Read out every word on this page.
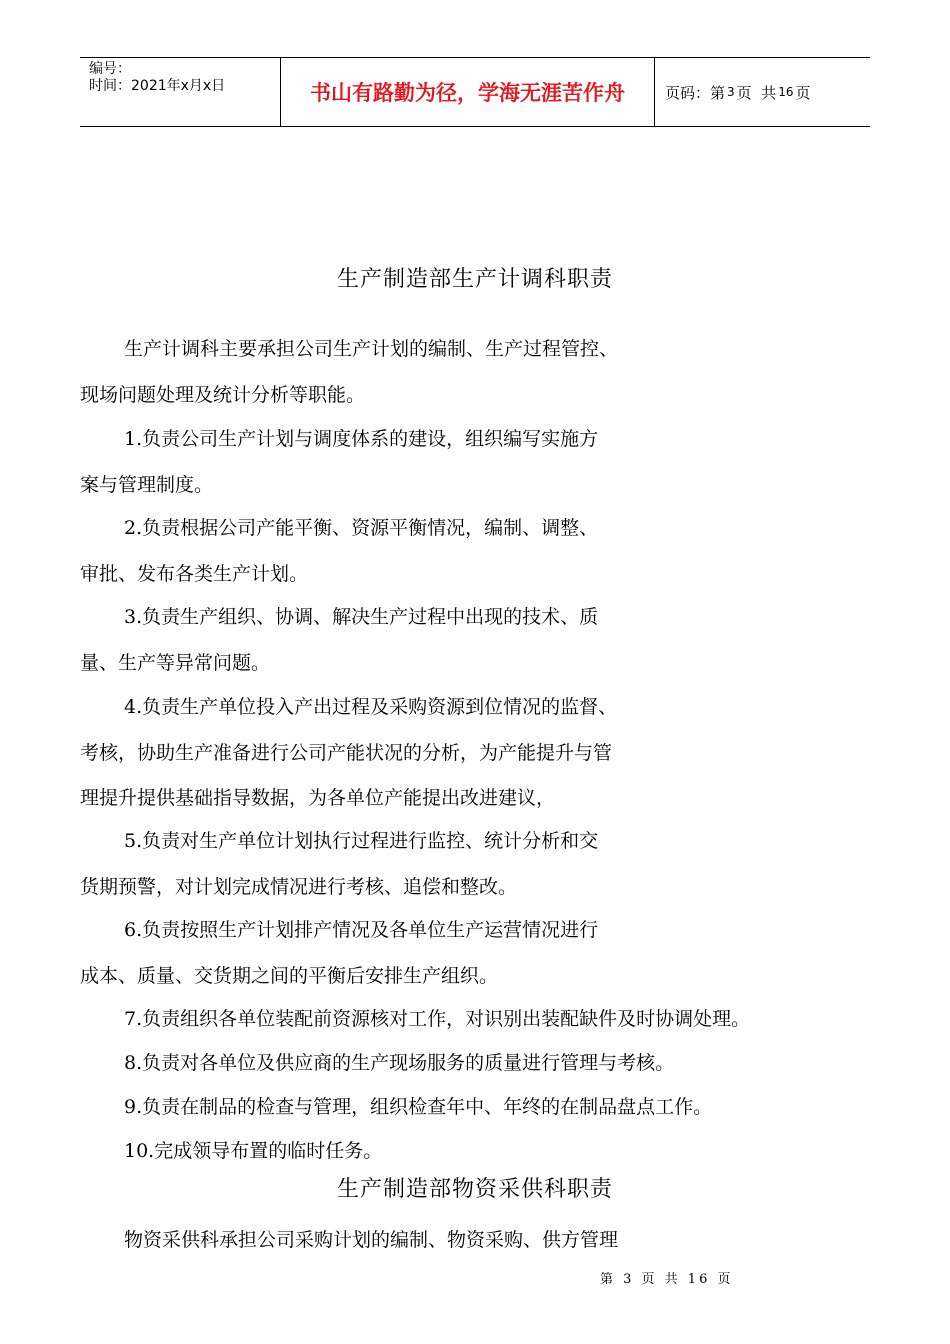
编号：
时间：2021年x月x日	书山有路勤为径，学海无涯苦作舟	页码：第 3 页  共 16 页
生产制造部生产计调科职责

生产计调科主要承担公司生产计划的编制、生产过程管控、
现场问题处理及统计分析等职能。

1.负责公司生产计划与调度体系的建设，组织编写实施方
案与管理制度。

2.负责根据公司产能平衡、资源平衡情况，编制、调整、
审批、发布各类生产计划。

3.负责生产组织、协调、解决生产过程中出现的技术、质
量、生产等异常问题。

4.负责生产单位投入产出过程及采购资源到位情况的监督、
考核，协助生产准备进行公司产能状况的分析，为产能提升与管
理提升提供基础指导数据，为各单位产能提出改进建议，

5.负责对生产单位计划执行过程进行监控、统计分析和交
货期预警，对计划完成情况进行考核、追偿和整改。

6.负责按照生产计划排产情况及各单位生产运营情况进行
成本、质量、交货期之间的平衡后安排生产组织。

7.负责组织各单位装配前资源核对工作，对识别出装配缺件及时协调处理。

8.负责对各单位及供应商的生产现场服务的质量进行管理与考核。

9.负责在制品的检查与管理，组织检查年中、年终的在制品盘点工作。

10.完成领导布置的临时任务。

生产制造部物资采供科职责

物资采供科承担公司采购计划的编制、物资采购、供方管理

第 3 页 共 16 页
